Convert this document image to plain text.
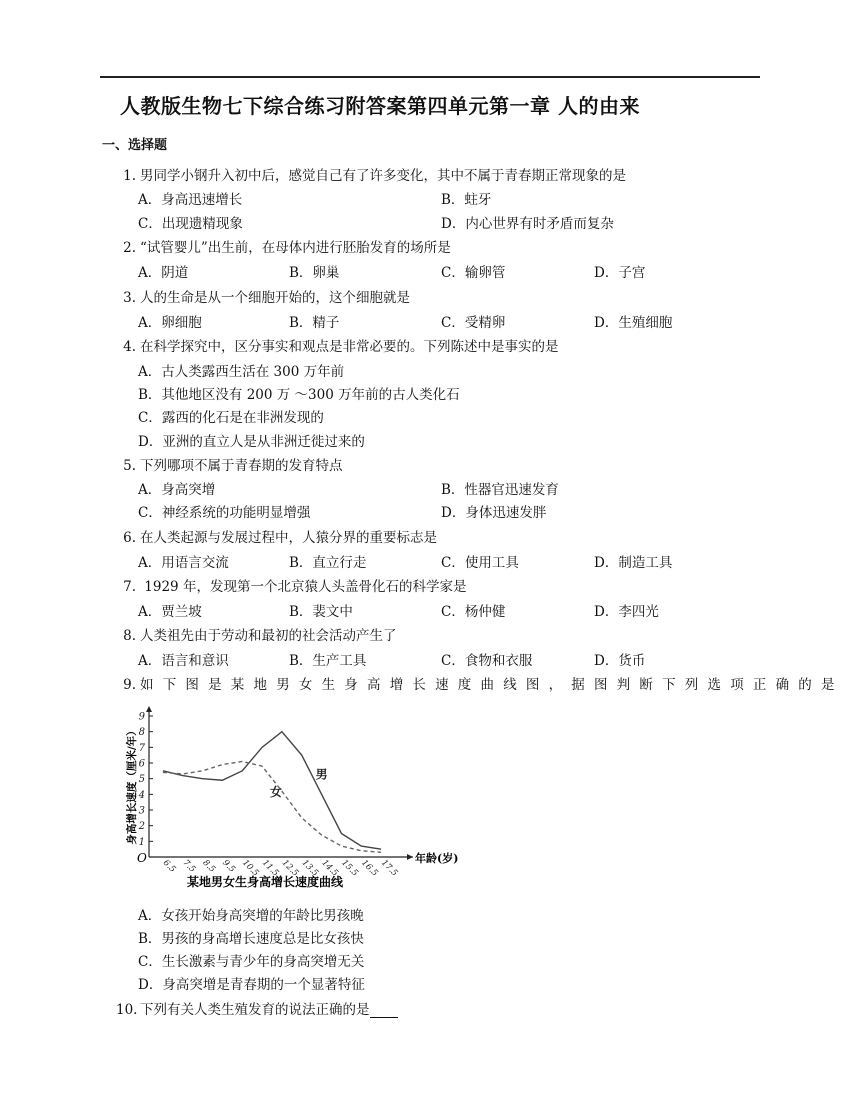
人教版生物七下综合练习附答案第四单元第一章 人的由来
一、选择题
1. 男同学小钢升入初中后，感觉自己有了许多变化，其中不属于青春期正常现象的是
A．身高迅速增长	B．蛀牙
C．出现遗精现象	D．内心世界有时矛盾而复杂
2. “试管婴儿”出生前，在母体内进行胚胎发育的场所是
A．阴道	B．卵巢	C．输卵管	D．子宫
3. 人的生命是从一个细胞开始的，这个细胞就是
A．卵细胞	B．精子	C．受精卵	D．生殖细胞
4. 在科学探究中，区分事实和观点是非常必要的。下列陈述中是事实的是
A．古人类露西生活在 300 万年前
B．其他地区没有 200 万 ～300 万年前的古人类化石
C．露西的化石是在非洲发现的
D．亚洲的直立人是从非洲迁徙过来的
5. 下列哪项不属于青春期的发育特点
A．身高突增	B．性器官迅速发育
C．神经系统的功能明显增强	D．身体迅速发胖
6. 在人类起源与发展过程中，人猿分界的重要标志是
A．用语言交流	B．直立行走	C．使用工具	D．制造工具
7. 1929 年，发现第一个北京猿人头盖骨化石的科学家是
A．贾兰坡	B．裴文中	C．杨仲健	D．李四光
8. 人类祖先由于劳动和最初的社会活动产生了
A．语言和意识	B．生产工具	C．食物和衣服	D．货币
9. 如下图是某地男女生身高增长速度曲线图，据图判断下列选项正确的是
1
2
3
4
5
6
7
8
9
6.5 7.5 8.5 9.5 10.5 11.5 12.5 13.5 14.5 15.5 16.5 17.5
男
女
身高增长速度（厘米/年）
年龄(岁)
O
某地男女生身高增长速度曲线
A．女孩开始身高突增的年龄比男孩晚
B．男孩的身高增长速度总是比女孩快
C．生长激素与青少年的身高突增无关
D．身高突增是青春期的一个显著特征
10. 下列有关人类生殖发育的说法正确的是
